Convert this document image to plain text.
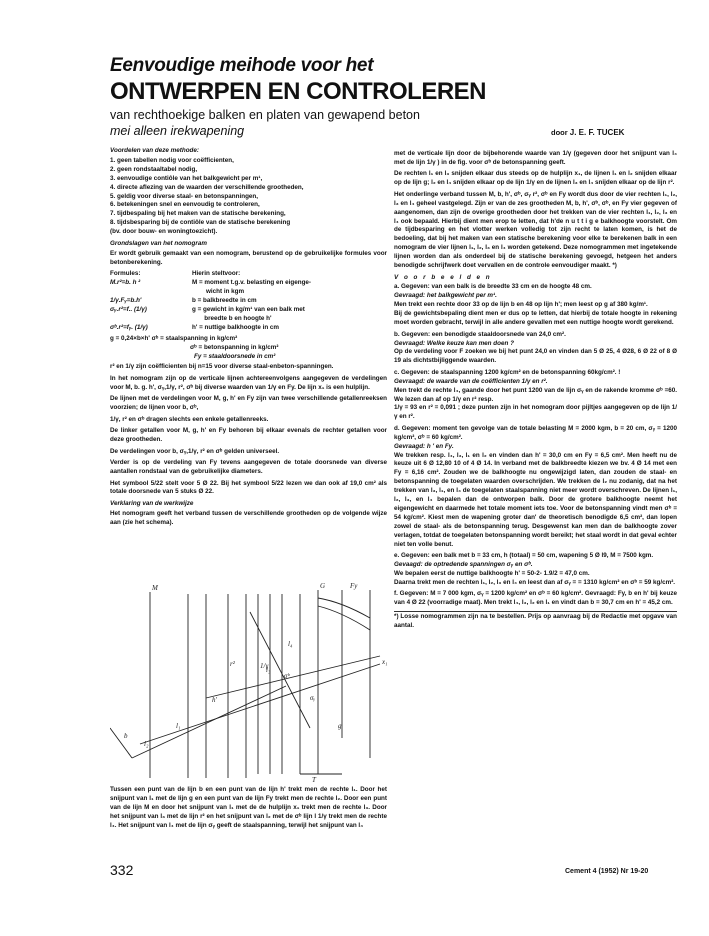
Eenvoudige meihode voor het
ONTWERPEN EN CONTROLEREN
van rechthoekige balken en platen van gewapend beton
mei alleen irekwapening	door J. E. F. TUCEK

Voordelen van deze methode:

1. geen tabellen nodig voor coëfficienten,
2. geen rondstaaltabel nodig,
3. eenvoudige contiôle van het balkgewicht per m¹,
4. directe aflezing van de waarden der verschillende grootheden,
5. geldig voor diverse staal- en betonspanningen,
6. betekeningen snel en eenvoudig te controleren,
7. tijdbespaling bij het maken van de statische berekening,
8. tijdsbesparing bij de contiôle van de statische berekening
(bv. door bouw- en woningtoezicht).

Grondslagen van het nomogram

Er wordt gebruik gemaakt van een nomogram, berustend op de gebruikelijke formules voor betonberekening.

Formules:	Hierin steltvoor:
M.r²=b. h ²	M = moment t.g.v. belasting en eigenge-
wicht in kgm
1/γ.Fᵧ=b.h'	b = balkbreedte in cm
σᵧ.r²=f.. (1/γ)	g = gewicht in kg/m¹ van een balk met
breedte b en hoogte h'
σᵇ.r²=fᵧ. (1/γ)	h' = nuttige balkhoogte in cm

g = 0,24×b×h' σᵇ = staalspanning in kg/cm²

σᵇ = betonspanning in kg/cm²

Fy = staaldoorsnede in cm²

r² en 1/γ zijn coëfficienten bij n=15 voor diverse staal-enbeton-spanningen.

In het nomogram zijn op de verticale lijnen achtereenvolgens aangegeven de verdelingen voor M, b. g. h', σᵧ,1/γ, r², σᵇ bij diverse waarden van 1/γ en Fy. De lijn x₁ is een hulplijn.

De lijnen met de verdelingen voor M, g, h' en Fy zijn van twee verschillende getallenreeksen voorzien; de lijnen voor b, σᵇ,

1/γ, r² en σᵇ dragen slechts een enkele getallenreeks.

De linker getallen voor M, g, h' en Fy behoren bij elkaar evenals de rechter getallen voor deze grootheden.

De verdelingen voor b, σᵧ,1/γ, r² en σᵇ gelden universeel.

Verder is op de verdeling van Fy tevens aangegeven de totale doorsnede van diverse aantallen rondstaal van de gebruikelijke diameters.

Het symbool 5/22 stelt voor 5 Ø 22. Bij het symbool 5/22 lezen we dan ook af 19,0 cm² als totale doorsnede van 5 stuks Ø 22.

Verklaring van de werkwijze

Het nomogram geeft het verband tussen de verschillende grootheden op de volgende wijze aan (zie het schema).

M	G	Fy
x₁
l₁
l₂
l₃
l₄
r²	1/γ
σᵇ
σᵧ
b
h'
g
T

Tussen een punt van de lijn b en een punt van de lijn h' trekt men de rechte l₁. Door het snijpunt van l₁ met de lijn g en een punt van de lijn Fy trekt men de rechte l₂. Door een punt van de lijn M en door het snijpunt van l₁ met de de hulplijn x₁ trekt men de rechte l₃. Door het snijpunt van l₃ met de lijn r² en het snijpunt van l₂ met de σᵇ lijn l 1/γ trekt men de rechte l₄. Het snijpunt van l₄ met de lijn σᵧ geeft de staalspanning, terwijl het snijpunt van l₄

met de verticale lijn door de bijbehorende waarde van 1/γ (gegeven door het snijpunt van l₄ met de lijn 1/γ ) in de fig. voor σᵇ de betonspanning geeft.

De rechten l₁ en l₃ snijden elkaar dus steeds op de hulplijn x₁, de lijnen l₁ en l₂ snijden elkaar op de lijn g; l₂ en l₄ snijden elkaar op de lijn 1/γ en de lijnen l₃ en l₄ snijden elkaar op de lijn r².

Het onderlinge verband tussen M, b, h', σᵇ, σᵧ r², σᵇ en Fy wordt dus door de vier rechten l₁, l₂, l₃ en l₄ geheel vastgelegd. Zijn er van de zes grootheden M, b, h', σᵇ, σᵇ, en Fy vier gegeven of aangenomen, dan zijn de overige grootheden door het trekken van de vier rechten l₁, l₂, l₃ en l₄ ook bepaald. Hierbij dient men erop te letten, dat h'de n u t t i g e balkhoogte voorstelt. Om de tijdbesparing en het vlotter werken volledig tot zijn recht te laten komen, is het de bedoeling, dat bij het maken van een statische berekening voor elke te berekenen balk in een nomogram de vier lijnen l₁, l₂, l₃ en l₄ worden getekend. Deze nomogrammen met ingetekende lijnen worden dan als onderdeel bij de statische berekening gevoegd, hetgeen het anders benodigde schrijfwerk doet vervallen en de controle eenvoudiger maakt. *)

V o o r b e e l d e n

a. Gegeven: van een balk is de breedte 33 cm en de hoogte 48 cm.

Gevraagd: het balkgewicht per m¹.

Men trekt een rechte door 33 op de lijn b en 48 op lijn h'; men leest op g af 380 kg/m¹.

Bij de gewichtsbepaling dient men er dus op te letten, dat hierbij de totale hoogte in rekening moet worden gebracht, terwijl in alle andere gevallen met een nuttige hoogte wordt gerekend.

b. Gegeven: een benodigde staaldoorsnede van 24,0 cm².

Gevraagd: Welke keuze kan men doen ?

Op de verdeling voor F zoeken we bij het punt 24,0 en vinden dan 5 Ø 25, 4 Ø28, 6 Ø 22 of 8 Ø 19 als dichtstbijliggende waarden.

c. Gegeven: de staalspanning 1200 kg/cm² en de betonspanning 60kg/cm². !

Gevraagd: de waarde van de coëfficienten 1/γ en r².

Men trekt de rechte l₄, gaande door het punt 1200 van de lijn σᵧ en de rakende kromme σᵇ =60. We lezen dan af op 1/γ en r² resp.

1/γ = 93 en r² = 0,091 ; deze punten zijn in het nomogram door pijltjes aangegeven op de lijn 1/γ en r².

d. Gegeven: moment ten gevolge van de totale belasting M = 2000 kgm, b = 20 cm, σᵧ = 1200 kg/cm², σᵇ = 60 kg/cm².

Gevraagd: h ' en Fy.

We trekken resp. l₄, l₃, l₁ en l₂ en vinden dan h' = 30,0 cm en Fy = 6,5 cm². Men heeft nu de keuze uit 6 Ø 12,80 10 of 4 Ø 14. In verband met de balkbreedte kiezen we bv. 4 Ø 14 met een Fy = 6,16 cm². Zouden we de balkhoogte nu ongewijzigd laten, dan zouden de staal- en betonspanning de toegelaten waarden overschrijden. We trekken de l₂ nu zodanig, dat na het trekken van l₃, l₁, en l₄ de toegelaten staalspanning niet meer wordt overschreven. De lijnen l₁, l₂, l₃, en l₄ bepalen dan de ontworpen balk. Door de grotere balkhoogte neemt het eigengewicht en daarmede het totale moment iets toe. Voor de betonspanning vindt men σᵇ = 54 kg/cm². Kiest men de wapening groter dan' de theoretisch benodigde 6,5 cm², dan lopen zowel de staal- als de betonspanning terug. Desgewenst kan men dan de balkhoogte zover verlagen, totdat de toegelaten betonspanning wordt bereikt; het staal wordt in dat geval echter niet ten volle benut.

e. Gegeven: een balk met b = 33 cm, h (totaal) = 50 cm, wapening 5 Ø l9, M = 7500 kgm.

Gevaagd: de optredende spanningen σᵧ en σᵇ.

We bepalen eerst de nuttige balkhoogte h' = 50-2- 1.9/2 = 47,0 cm.

Daarna trekt men de rechten l₁, l₂, l₃ en l₄ en leest dan af σᵧ = = 1310 kg/cm² en σᵇ = 59 kg/cm².

f. Gegeven: M = 7 000 kgm, σᵧ = 1200 kg/cm² en σᵇ = 60 kg/cm². Gevraagd: Fy, b en h' bij keuze van 4 Ø 22 (voorradige maat). Men trekt l₄, l₃, l₂ en l₁ en vindt dan b = 30,7 cm en h' = 45,2 cm.

*) Losse nomogrammen zijn na te bestellen. Prijs op aanvraag bij de Redactie met opgave van aantal.

332	Cement 4 (1952) Nr 19-20
